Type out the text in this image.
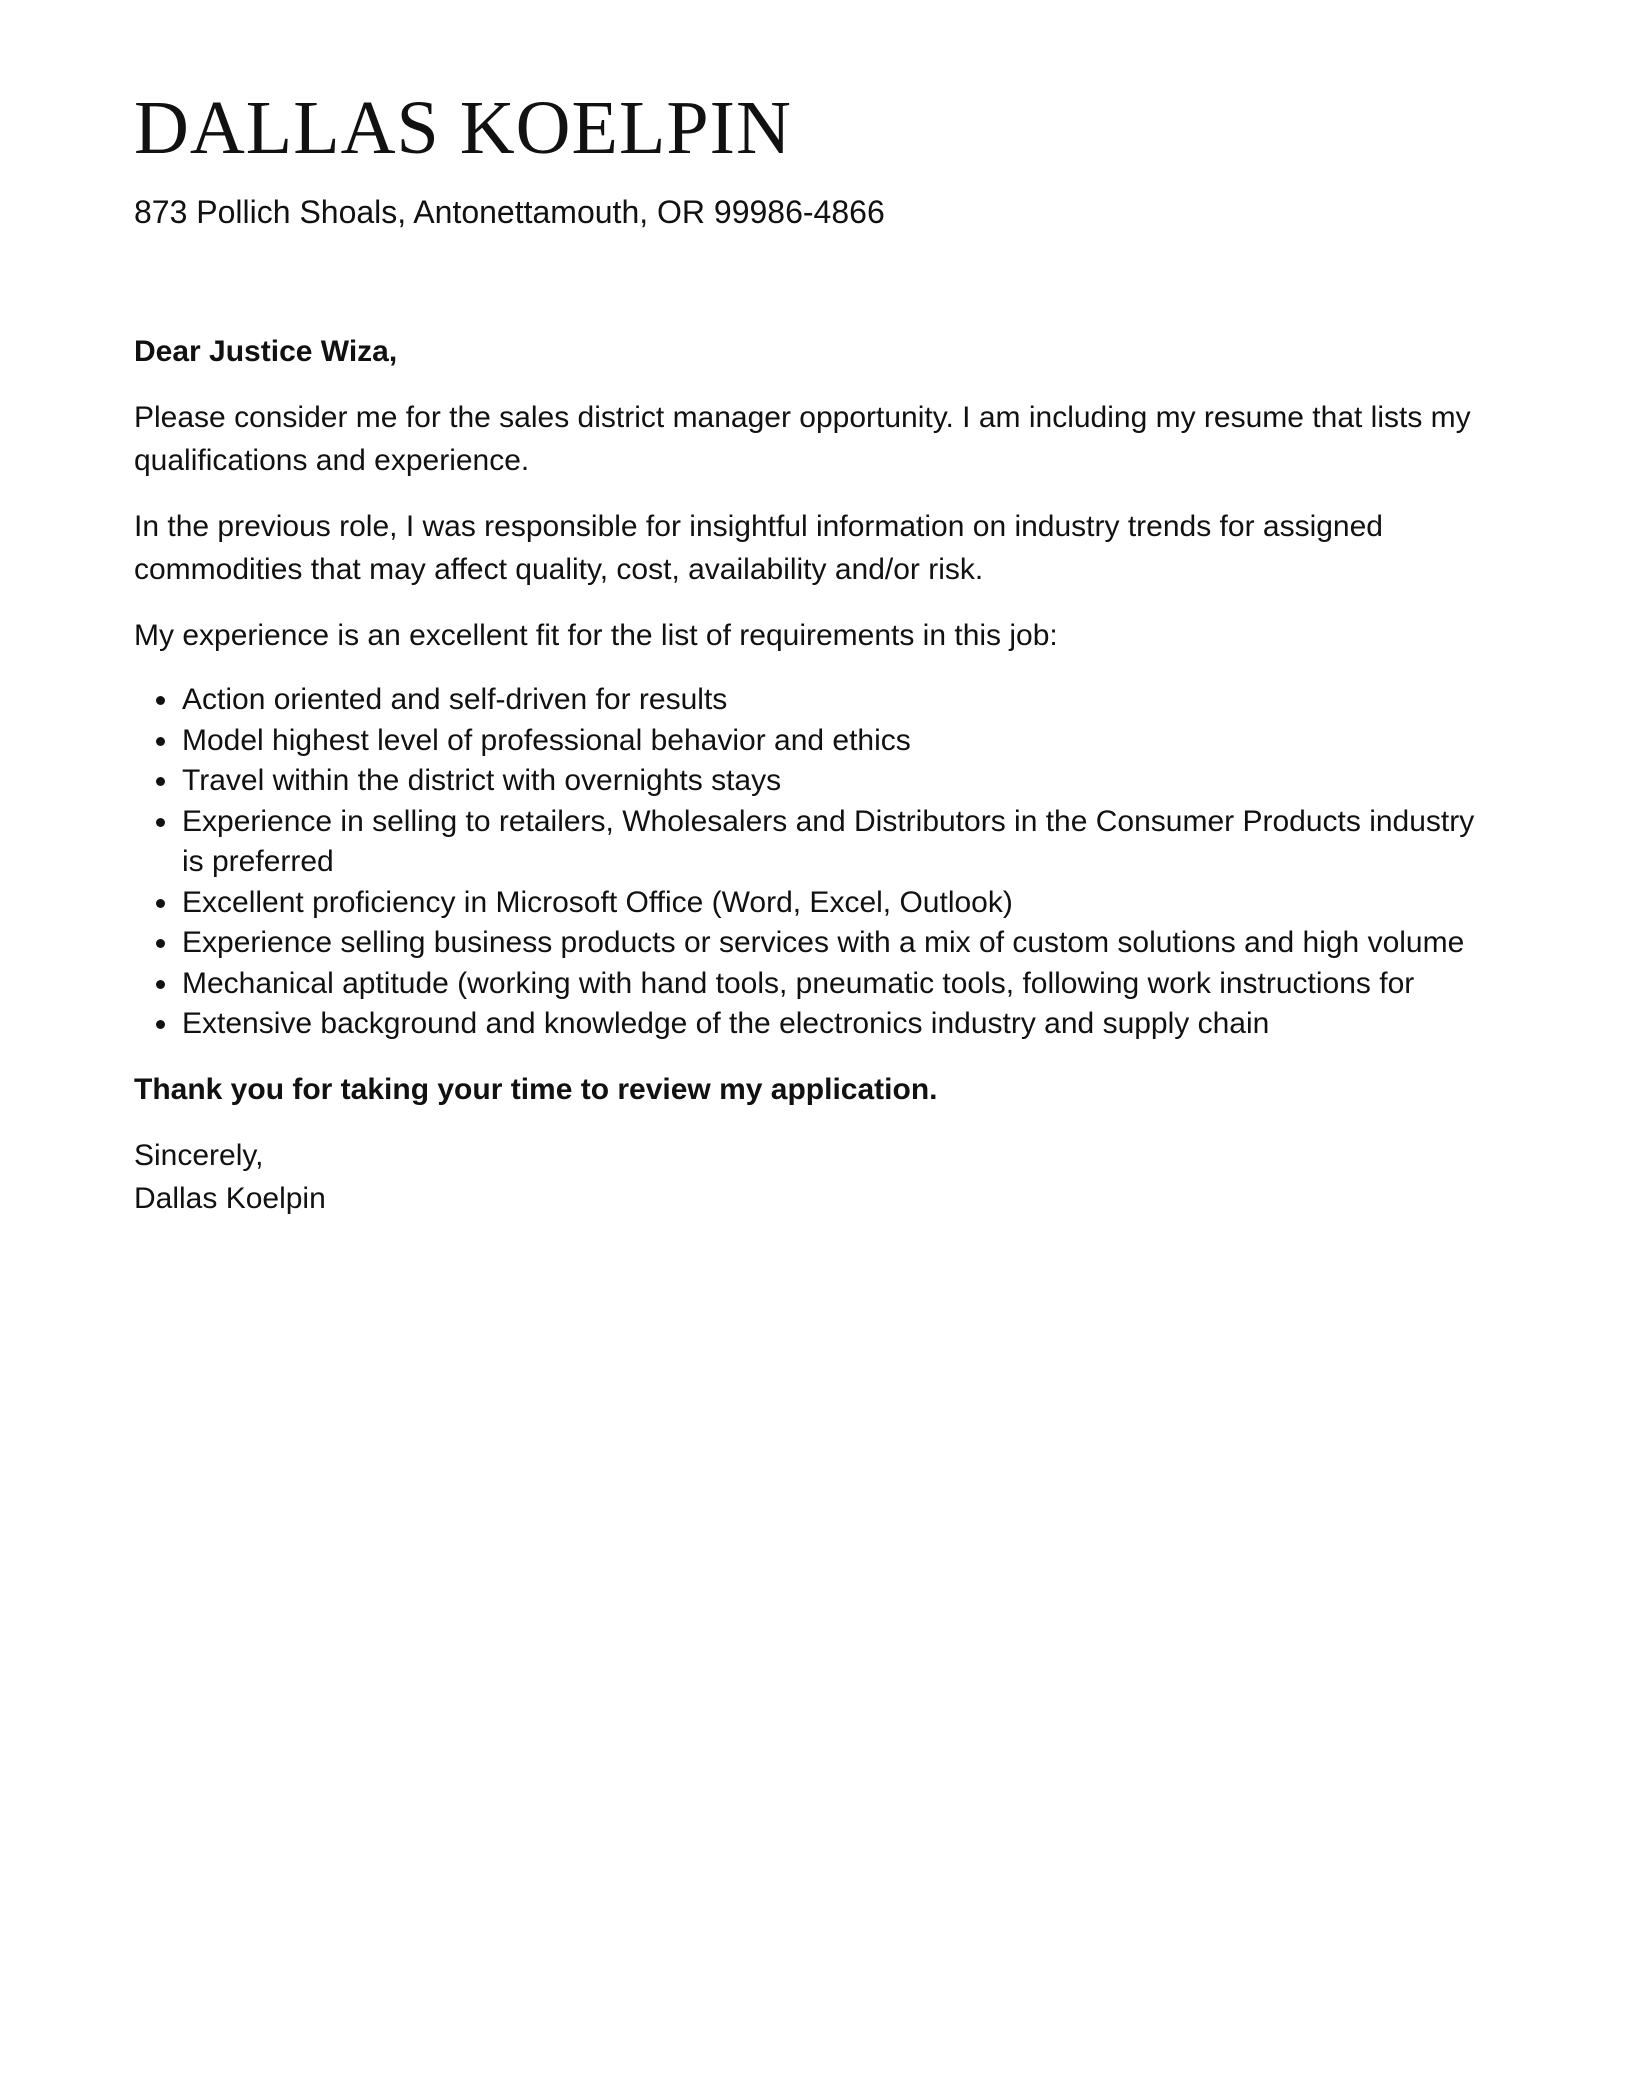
DALLAS KOELPIN
873 Pollich Shoals, Antonettamouth, OR 99986-4866

Dear Justice Wiza,

Please consider me for the sales district manager opportunity. I am including my resume that lists my qualifications and experience.

In the previous role, I was responsible for insightful information on industry trends for assigned commodities that may affect quality, cost, availability and/or risk.

My experience is an excellent fit for the list of requirements in this job:

Action oriented and self-driven for results
Model highest level of professional behavior and ethics
Travel within the district with overnights stays
Experience in selling to retailers, Wholesalers and Distributors in the Consumer Products industry is preferred
Excellent proficiency in Microsoft Office (Word, Excel, Outlook)
Experience selling business products or services with a mix of custom solutions and high volume
Mechanical aptitude (working with hand tools, pneumatic tools, following work instructions for
Extensive background and knowledge of the electronics industry and supply chain

Thank you for taking your time to review my application.

Sincerely,
Dallas Koelpin
